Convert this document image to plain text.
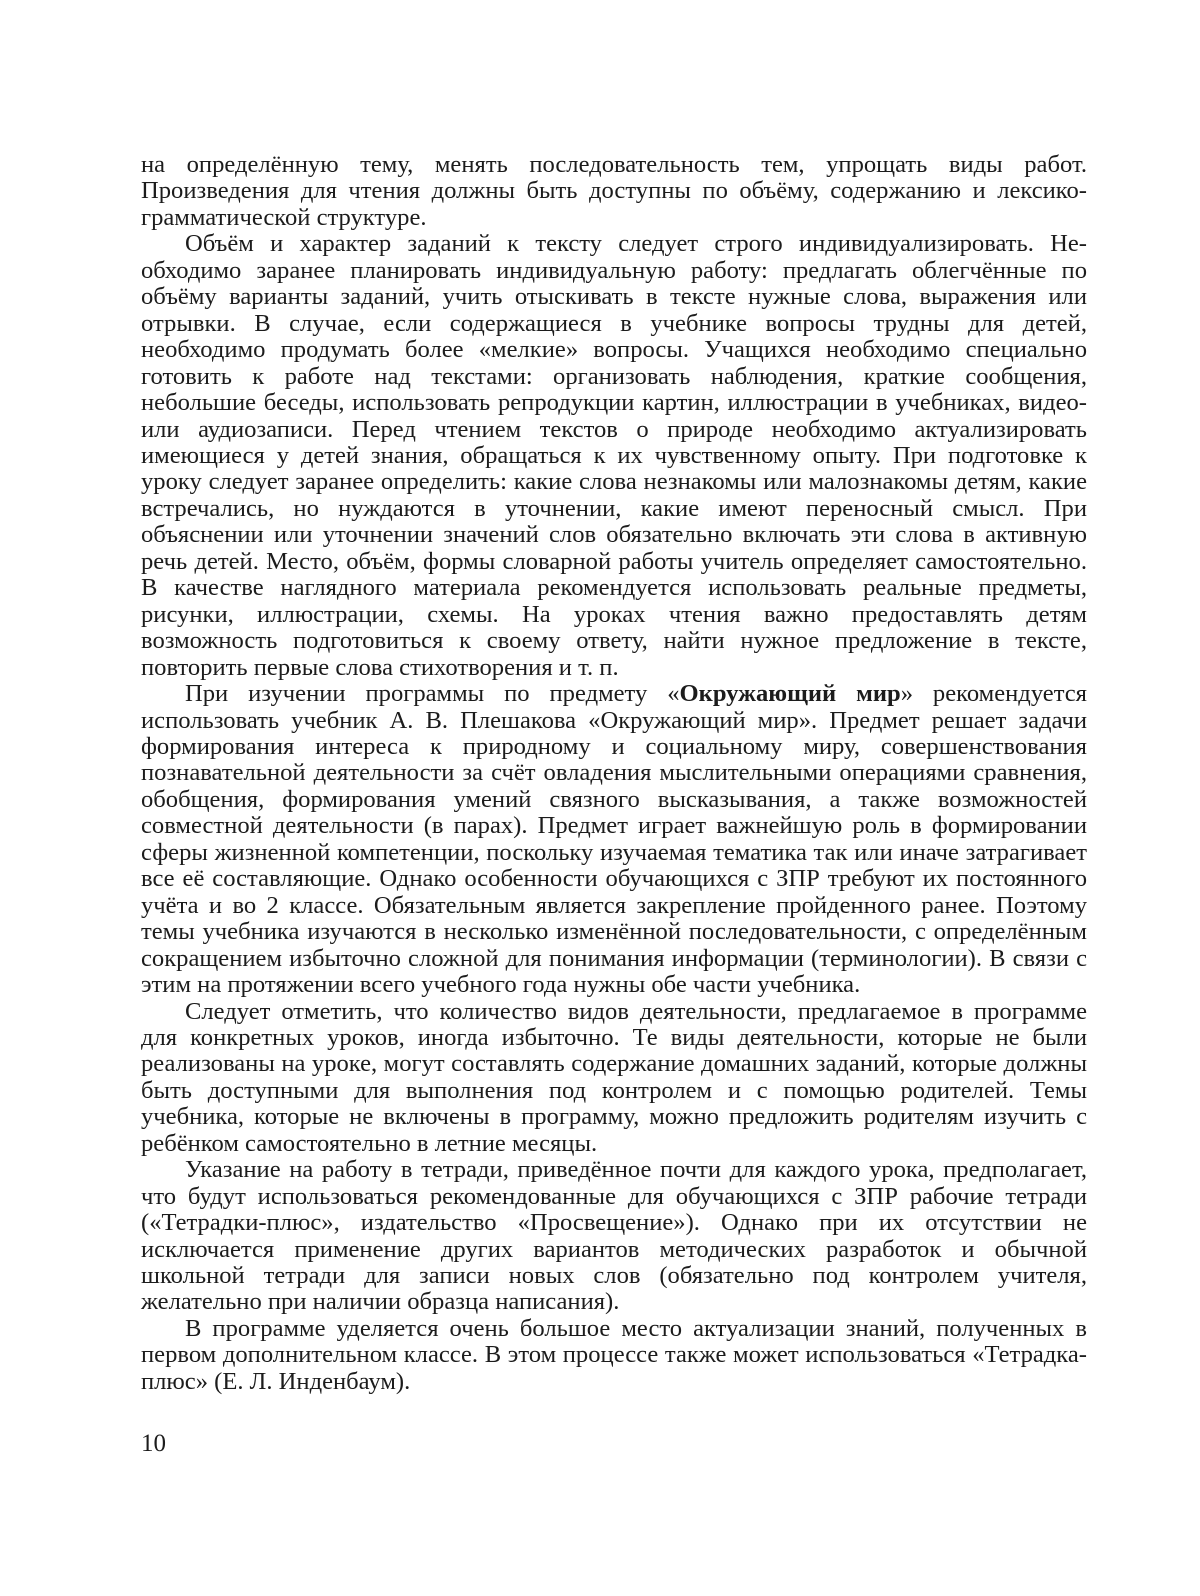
на определённую тему, менять последовательность тем, упрощать виды работ. Произведения для чтения должны быть доступны по объёму, содержанию и лексико-грамматической структуре.

Объём и характер заданий к тексту следует строго индивидуализировать. Необходимо заранее планировать индивидуальную работу: предлагать облегчённые по объёму варианты заданий, учить отыскивать в тексте нужные слова, выражения или отрывки. В случае, если содержащиеся в учебнике вопросы трудны для детей, необходимо продумать более «мелкие» вопросы. Учащихся необходимо специально готовить к работе над текстами: организовать наблюдения, краткие сообщения, небольшие беседы, использовать репродукции картин, иллюстрации в учебниках, видео- или аудиозаписи. Перед чтением текстов о природе необходимо актуализировать имеющиеся у детей знания, обращаться к их чувственному опыту. При подготовке к уроку следует заранее определить: какие слова незнакомы или малознакомы детям, какие встречались, но нуждаются в уточнении, какие имеют переносный смысл. При объяснении или уточнении значений слов обязательно включать эти слова в активную речь детей. Место, объём, формы словарной работы учитель определяет самостоятельно. В качестве наглядного материала рекомендуется использовать реальные предметы, рисунки, иллюстрации, схемы. На уроках чтения важно предоставлять детям возможность подготовиться к своему ответу, найти нужное предложение в тексте, повторить первые слова стихотворения и т. п.

При изучении программы по предмету «Окружающий мир» рекомендуется использовать учебник А. В. Плешакова «Окружающий мир». Предмет решает задачи формирования интереса к природному и социальному миру, совершенствования познавательной деятельности за счёт овладения мыслительными операциями сравнения, обобщения, формирования умений связного высказывания, а также возможностей совместной деятельности (в парах). Предмет играет важнейшую роль в формировании сферы жизненной компетенции, поскольку изучаемая тематика так или иначе затрагивает все её составляющие. Однако особенности обучающихся с ЗПР требуют их постоянного учёта и во 2 классе. Обязательным является закрепление пройденного ранее. Поэтому темы учебника изучаются в несколько изменённой последовательности, с определённым сокращением избыточно сложной для понимания информации (терминологии). В связи с этим на протяжении всего учебного года нужны обе части учебника.

Следует отметить, что количество видов деятельности, предлагаемое в программе для конкретных уроков, иногда избыточно. Те виды деятельности, которые не были реализованы на уроке, могут составлять содержание домашних заданий, которые должны быть доступными для выполнения под контролем и с помощью родителей. Темы учебника, которые не включены в программу, можно предложить родителям изучить с ребёнком самостоятельно в летние месяцы.

Указание на работу в тетради, приведённое почти для каждого урока, предполагает, что будут использоваться рекомендованные для обучающихся с ЗПР рабочие тетради («Тетрадки-плюс», издательство «Просвещение»). Однако при их отсутствии не исключается применение других вариантов методических разработок и обычной школьной тетради для записи новых слов (обязательно под контролем учителя, желательно при наличии образца написания).

В программе уделяется очень большое место актуализации знаний, полученных в первом дополнительном классе. В этом процессе также может использоваться «Тетрадка-плюс» (Е. Л. Инденбаум).

10
